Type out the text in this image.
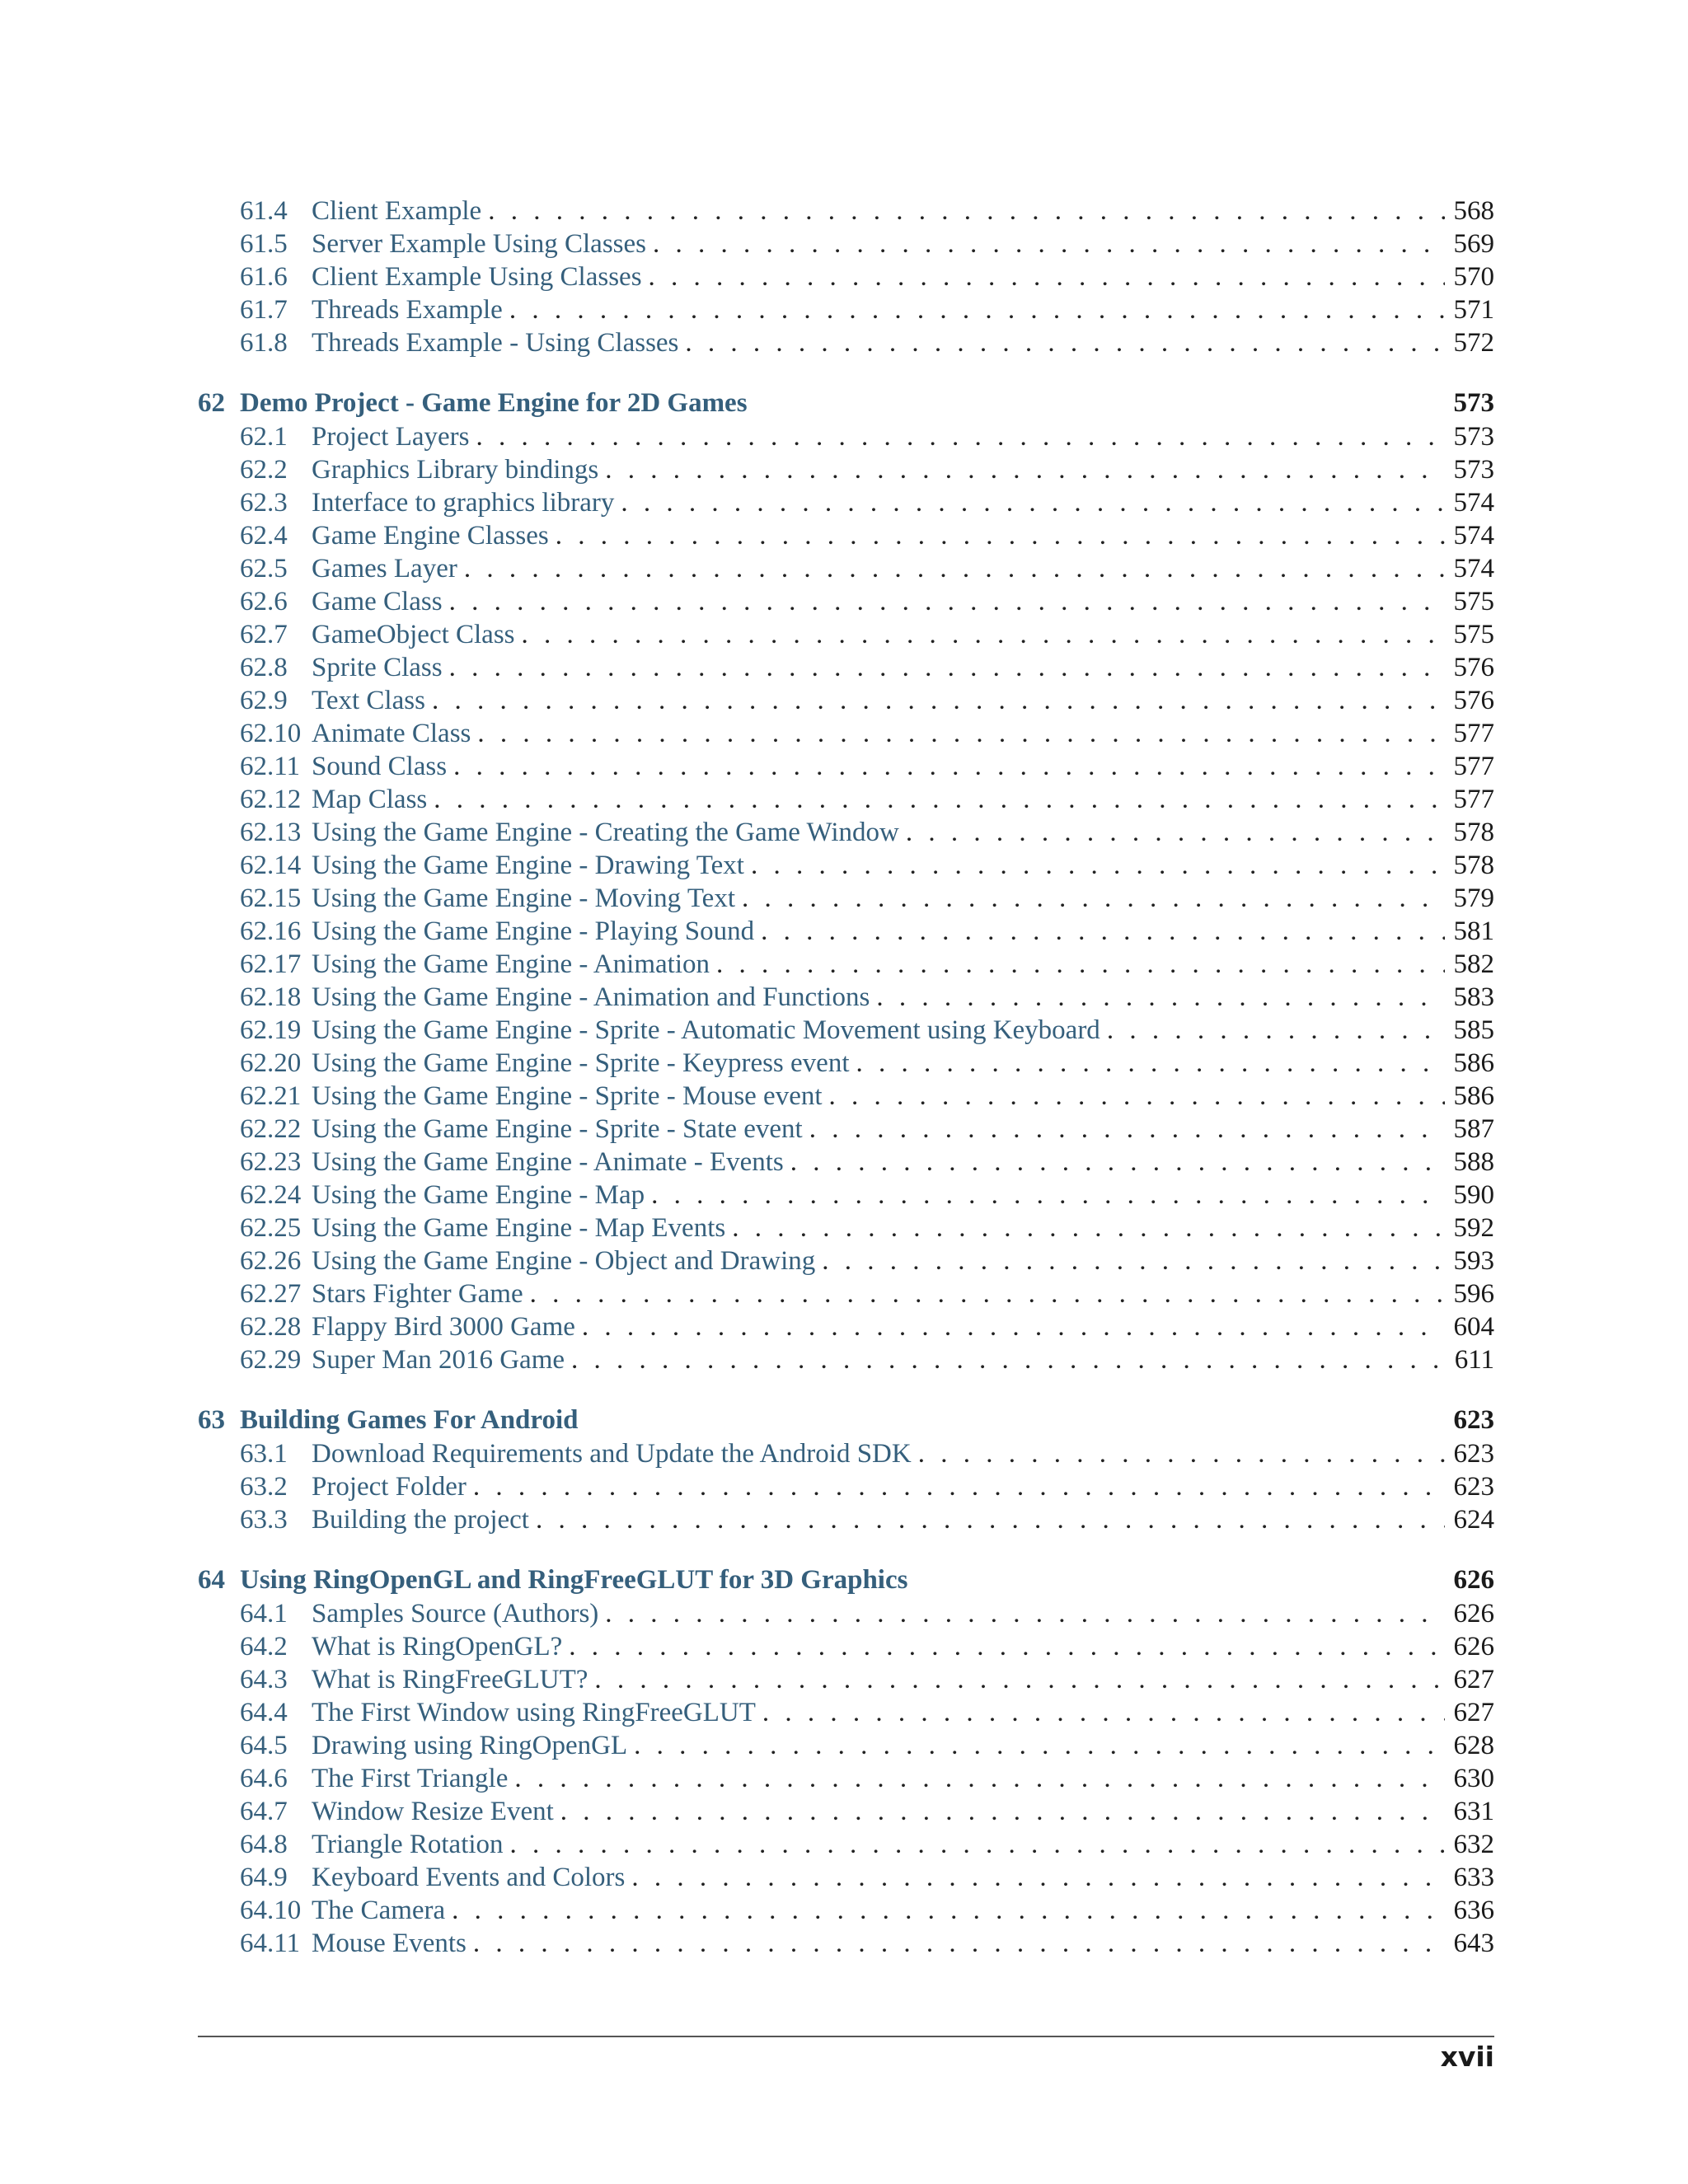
61.4 Client Example . . .	568
61.5 Server Example Using Classes . . .	569
61.6 Client Example Using Classes . . .	570
61.7 Threads Example . . .	571
61.8 Threads Example - Using Classes . . .	572
62 Demo Project - Game Engine for 2D Games	573
62.1 Project Layers . . .	573
62.2 Graphics Library bindings . . .	573
62.3 Interface to graphics library . . .	574
62.4 Game Engine Classes . . .	574
62.5 Games Layer . . .	574
62.6 Game Class . . .	575
62.7 GameObject Class . . .	575
62.8 Sprite Class . . .	576
62.9 Text Class . . .	576
62.10 Animate Class . . .	577
62.11 Sound Class . . .	577
62.12 Map Class . . .	577
62.13 Using the Game Engine - Creating the Game Window . . .	578
62.14 Using the Game Engine - Drawing Text . . .	578
62.15 Using the Game Engine - Moving Text . . .	579
62.16 Using the Game Engine - Playing Sound . . .	581
62.17 Using the Game Engine - Animation . . .	582
62.18 Using the Game Engine - Animation and Functions . . .	583
62.19 Using the Game Engine - Sprite - Automatic Movement using Keyboard . . .	585
62.20 Using the Game Engine - Sprite - Keypress event . . .	586
62.21 Using the Game Engine - Sprite - Mouse event . . .	586
62.22 Using the Game Engine - Sprite - State event . . .	587
62.23 Using the Game Engine - Animate - Events . . .	588
62.24 Using the Game Engine - Map . . .	590
62.25 Using the Game Engine - Map Events . . .	592
62.26 Using the Game Engine - Object and Drawing . . .	593
62.27 Stars Fighter Game . . .	596
62.28 Flappy Bird 3000 Game . . .	604
62.29 Super Man 2016 Game . . .	611
63 Building Games For Android	623
63.1 Download Requirements and Update the Android SDK . . .	623
63.2 Project Folder . . .	623
63.3 Building the project . . .	624
64 Using RingOpenGL and RingFreeGLUT for 3D Graphics	626
64.1 Samples Source (Authors) . . .	626
64.2 What is RingOpenGL? . . .	626
64.3 What is RingFreeGLUT? . . .	627
64.4 The First Window using RingFreeGLUT . . .	627
64.5 Drawing using RingOpenGL . . .	628
64.6 The First Triangle . . .	630
64.7 Window Resize Event . . .	631
64.8 Triangle Rotation . . .	632
64.9 Keyboard Events and Colors . . .	633
64.10 The Camera . . .	636
64.11 Mouse Events . . .	643
xvii
